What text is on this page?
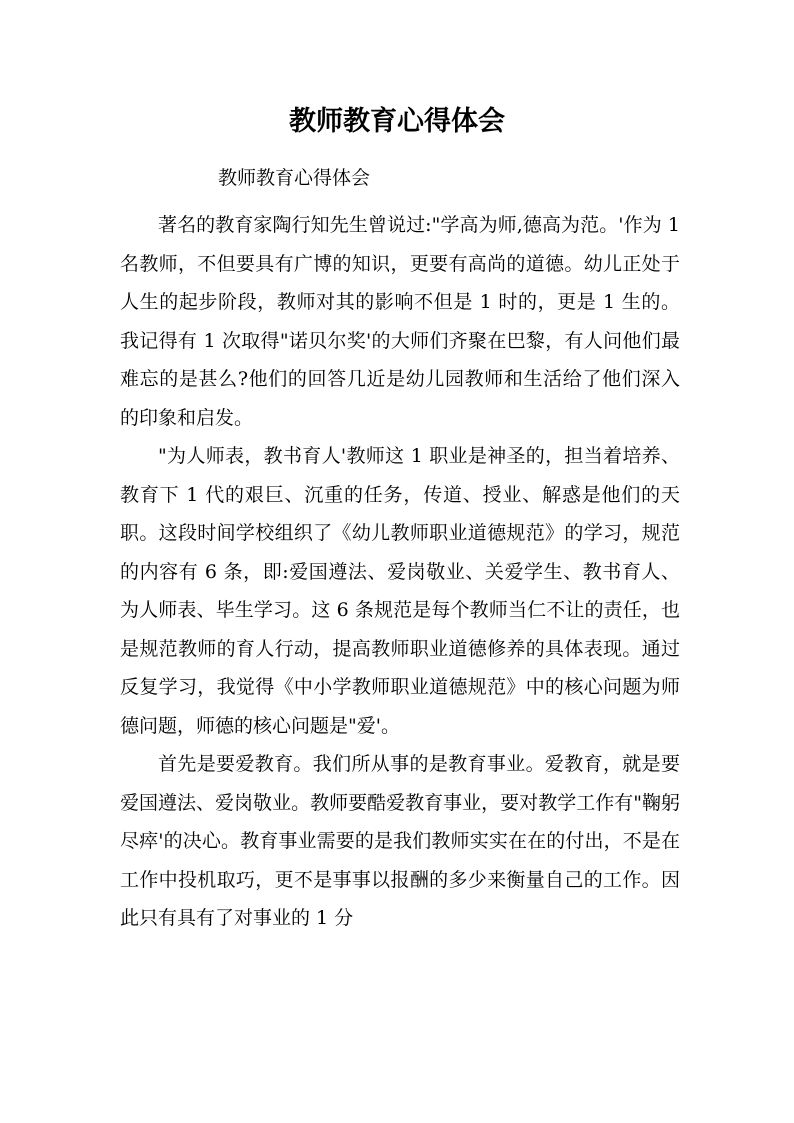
教师教育心得体会
教师教育心得体会

著名的教育家陶行知先生曾说过:"学高为师,德高为范。'作为 1 名教师，不但要具有广博的知识，更要有高尚的道德。幼儿正处于人生的起步阶段，教师对其的影响不但是 1 时的，更是 1 生的。我记得有 1 次取得"诺贝尔奖'的大师们齐聚在巴黎，有人问他们最难忘的是甚么?他们的回答几近是幼儿园教师和生活给了他们深入的印象和启发。

"为人师表，教书育人'教师这 1 职业是神圣的，担当着培养、教育下 1 代的艰巨、沉重的任务，传道、授业、解惑是他们的天职。这段时间学校组织了《幼儿教师职业道德规范》的学习，规范的内容有 6 条，即:爱国遵法、爱岗敬业、关爱学生、教书育人、为人师表、毕生学习。这 6 条规范是每个教师当仁不让的责任，也是规范教师的育人行动，提高教师职业道德修养的具体表现。通过反复学习，我觉得《中小学教师职业道德规范》中的核心问题为师德问题，师德的核心问题是"爱'。

首先是要爱教育。我们所从事的是教育事业。爱教育，就是要爱国遵法、爱岗敬业。教师要酷爱教育事业，要对教学工作有"鞠躬尽瘁'的决心。教育事业需要的是我们教师实实在在的付出，不是在工作中投机取巧，更不是事事以报酬的多少来衡量自己的工作。因此只有具有了对事业的 1 分
